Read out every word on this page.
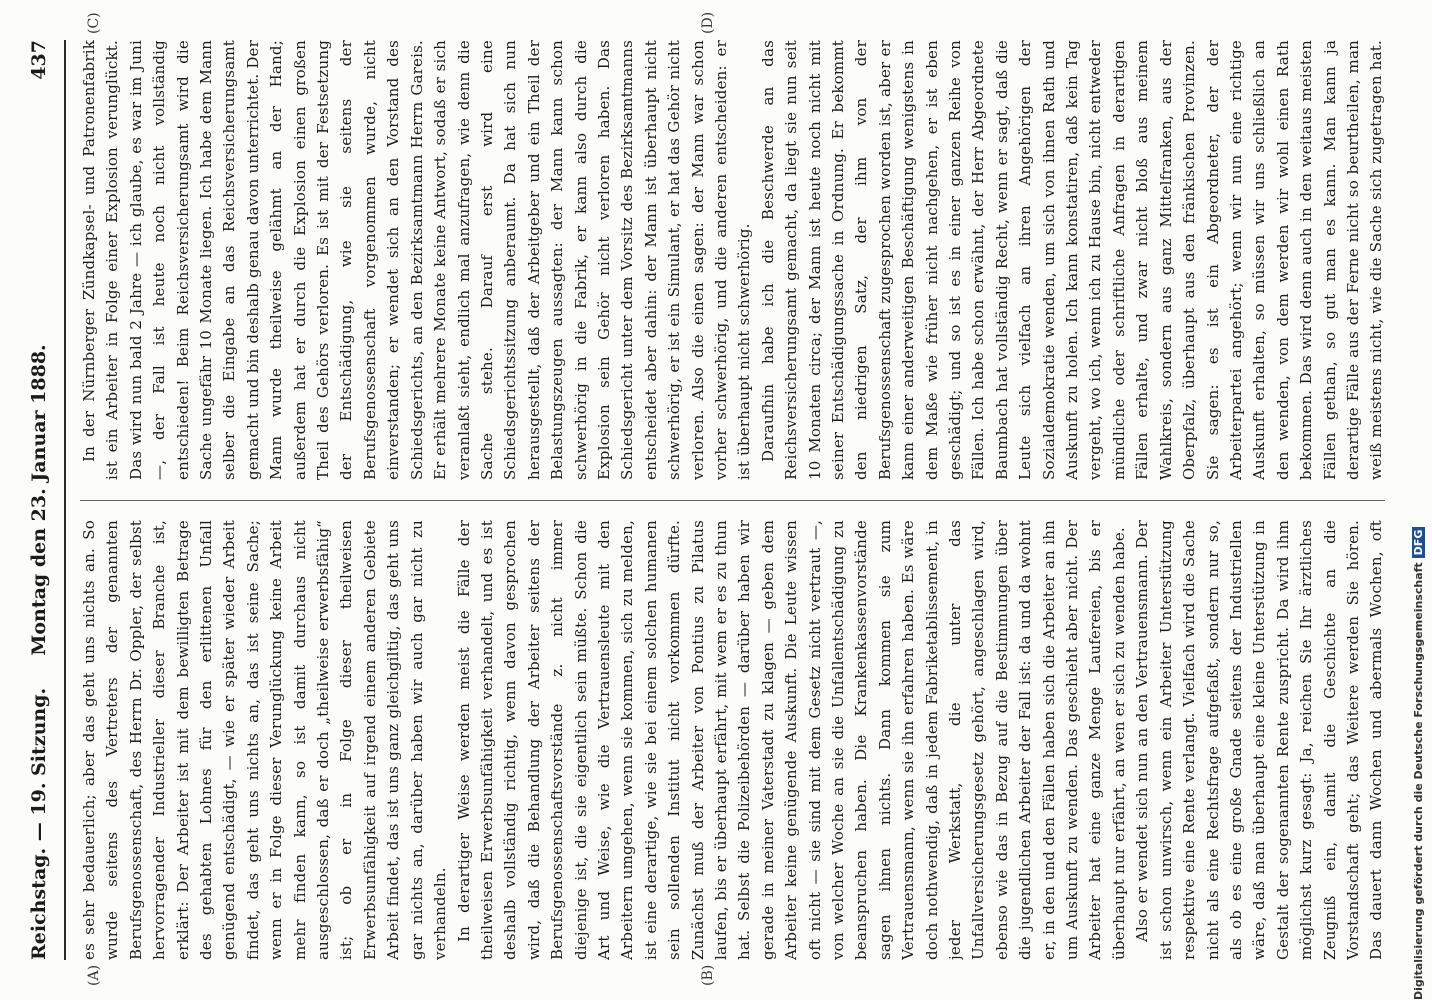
Reichstag. — 19. Sitzung.
Montag den 23. Januar 1888.
437
(A)	(B)
(C)	(D)

es sehr bedauerlich; aber das geht uns nichts an. So wurde seitens des Vertreters der genannten Berufsgenossenschaft, des Herrn Dr. Oppler, der selbst hervorragender Industrieller dieser Branche ist, erklärt: Der Arbeiter ist mit dem bewilligten Betrage des gehabten Lohnes für den erlittenen Unfall genügend entschädigt, — wie er später wieder Arbeit findet, das geht uns nichts an, das ist seine Sache; wenn er in Folge dieser Verunglückung keine Arbeit mehr finden kann, so ist damit durchaus nicht ausgeschlossen, daß er doch „theilweise erwerbsfähig“ ist; ob er in Folge dieser theilweisen Erwerbsunfähigkeit auf irgend einem anderen Gebiete Arbeit findet, das ist uns ganz gleichgiltig, das geht uns gar nichts an, darüber haben wir auch gar nicht zu verhandeln. In derartiger Weise werden meist die Fälle der theilweisen Erwerbsunfähigkeit verhandelt, und es ist deshalb vollständig richtig, wenn davon gesprochen wird, daß die Behandlung der Arbeiter seitens der Berufsgenossenschaftsvorstände z. nicht immer diejenige ist, die sie eigentlich sein müßte. Schon die Art und Weise, wie die Vertrauensleute mit den Arbeitern umgehen, wenn sie kommen, sich zu melden, ist eine derartige, wie sie bei einem solchen humanen sein sollenden Institut nicht vorkommen dürfte. Zunächst muß der Arbeiter von Pontius zu Pilatus laufen, bis er überhaupt erfährt, mit wem er es zu thun hat. Selbst die Polizeibehörden — darüber haben wir gerade in meiner Vaterstadt zu klagen — geben dem Arbeiter keine genügende Auskunft. Die Leute wissen oft nicht — sie sind mit dem Gesetz nicht vertraut —, von welcher Woche an sie die Unfallentschädigung zu beanspruchen haben. Die Krankenkassenvorstände sagen ihnen nichts. Dann kommen sie zum Vertrauensmann, wenn sie ihn erfahren haben. Es wäre doch nothwendig, daß in jedem Fabriketablissement, in jeder Werkstatt, die unter das Unfallversicherungsgesetz gehört, angeschlagen wird, ebenso wie das in Bezug auf die Bestimmungen über die jugendlichen Arbeiter der Fall ist: da und da wohnt er, in den und den Fällen haben sich die Arbeiter an ihn um Auskunft zu wenden. Das geschieht aber nicht. Der Arbeiter hat eine ganze Menge Laufereien, bis er überhaupt nur erfährt, an wen er sich zu wenden habe. Also er wendet sich nun an den Vertrauensmann. Der ist schon unwirsch, wenn ein Arbeiter Unterstützung respektive eine Rente verlangt. Vielfach wird die Sache nicht als eine Rechtsfrage aufgefaßt, sondern nur so, als ob es eine große Gnade seitens der Industriellen wäre, daß man überhaupt eine kleine Unterstützung in Gestalt der sogenannten Rente zuspricht. Da wird ihm möglichst kurz gesagt: Ja, reichen Sie Ihr ärztliches Zeugniß ein, damit die Geschichte an die Vorstandschaft geht; das Weitere werden Sie hören. Das dauert dann Wochen und abermals Wochen, oft

In der Nürnberger Zündkapsel- und Patronenfabrik ist ein Arbeiter in Folge einer Explosion verunglückt. Das wird nun bald 2 Jahre — ich glaube, es war im Juni —, der Fall ist heute noch nicht vollständig entschieden! Beim Reichsversicherungsamt wird die Sache ungefähr 10 Monate liegen. Ich habe dem Mann selber die Eingabe an das Reichsversicherungsamt gemacht und bin deshalb genau davon unterrichtet. Der Mann wurde theilweise gelähmt an der Hand; außerdem hat er durch die Explosion einen großen Theil des Gehörs verloren. Es ist mit der Festsetzung der Entschädigung, wie sie seitens der Berufsgenossenschaft vorgenommen wurde, nicht einverstanden; er wendet sich an den Vorstand des Schiedsgerichts, an den Bezirksamtmann Herrn Gareis. Er erhält mehrere Monate keine Antwort, sodaß er sich veranlaßt sieht, endlich mal anzufragen, wie denn die Sache stehe. Darauf erst wird eine Schiedsgerichtssitzung anberaumt. Da hat sich nun herausgestellt, daß der Arbeitgeber und ein Theil der Belastungszeugen aussagten: der Mann kann schon schwerhörig in die Fabrik, er kann also durch die Explosion sein Gehör nicht verloren haben. Das Schiedsgericht unter dem Vorsitz des Bezirksamtmanns entscheidet aber dahin: der Mann ist überhaupt nicht schwerhörig, er ist ein Simulant, er hat das Gehör nicht verloren. Also die einen sagen: der Mann war schon vorher schwerhörig, und die anderen entscheiden: er ist überhaupt nicht schwerhörig. Daraufhin habe ich die Beschwerde an das Reichsversicherungsamt gemacht, da liegt sie nun seit 10 Monaten circa; der Mann ist heute noch nicht mit seiner Entschädigungssache in Ordnung. Er bekommt den niedrigen Satz, der ihm von der Berufsgenossenschaft zugesprochen worden ist, aber er kann einer anderweitigen Beschäftigung wenigstens in dem Maße wie früher nicht nachgehen, er ist eben geschädigt; und so ist es in einer ganzen Reihe von Fällen. Ich habe schon erwähnt, der Herr Abgeordnete Baumbach hat vollständig Recht, wenn er sagt, daß die Leute sich vielfach an ihren Angehörigen der Sozialdemokratie wenden, um sich von ihnen Rath und Auskunft zu holen. Ich kann konstatiren, daß kein Tag vergeht, wo ich, wenn ich zu Hause bin, nicht entweder mündliche oder schriftliche Anfragen in derartigen Fällen erhalte, und zwar nicht bloß aus meinem Wahlkreis, sondern aus ganz Mittelfranken, aus der Oberpfalz, überhaupt aus den fränkischen Provinzen. Sie sagen: es ist ein Abgeordneter, der der Arbeiterpartei angehört; wenn wir nun eine richtige Auskunft erhalten, so müssen wir uns schließlich an den wenden, von dem werden wir wohl einen Rath bekommen. Das wird denn auch in den weitaus meisten Fällen gethan, so gut man es kann. Man kann ja derartige Fälle aus der Ferne nicht so beurtheilen, man weiß meistens nicht, wie die Sache sich zugetragen hat.

Digitalisierung gefördert durch die Deutsche ForschungsgemeinschaftDFG
